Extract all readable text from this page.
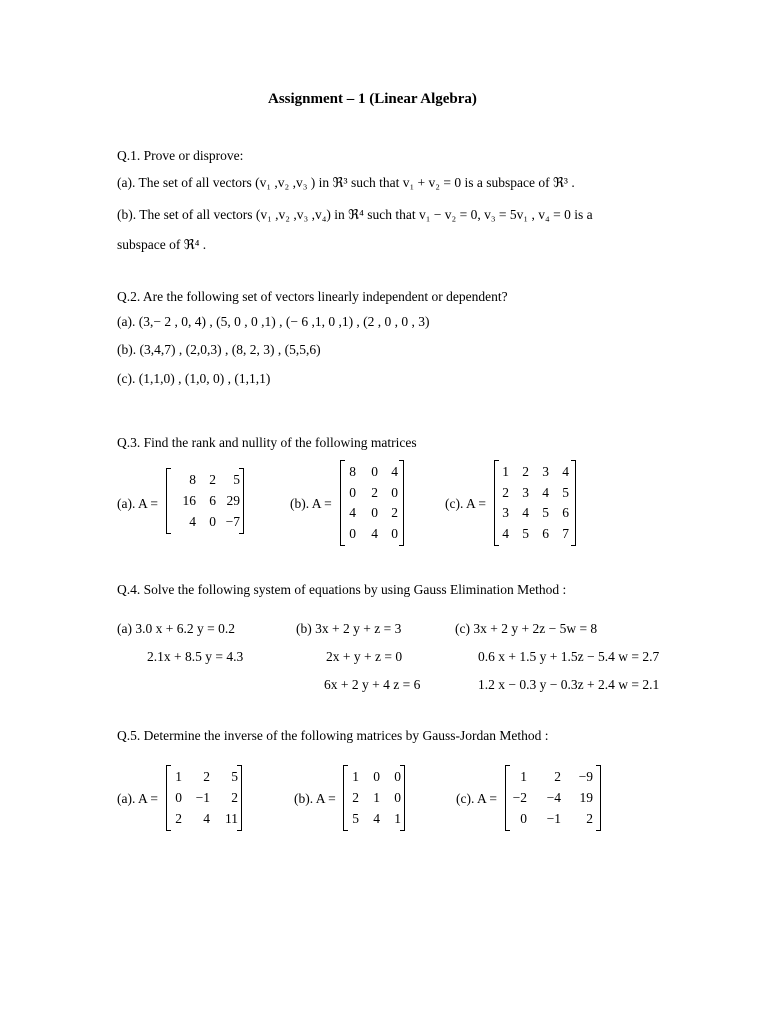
Assignment – 1 (Linear Algebra)
Q.1. Prove or disprove:
(a). The set of all vectors (v₁ ,v₂ ,v₃ ) in ℜ³ such that v₁ + v₂ = 0 is a subspace of ℜ³ .
(b). The set of all vectors (v₁ ,v₂ ,v₃ ,v₄) in ℜ⁴ such that v₁ − v₂ = 0, v₃ = 5v₁ , v₄ = 0 is a
subspace of ℜ⁴ .
Q.2. Are the following set of vectors linearly independent or dependent?
(a). (3,− 2 , 0, 4) , (5, 0 , 0 ,1) , (− 6 ,1, 0 ,1) , (2 , 0 , 0 , 3)
(b). (3,4,7) , (2,0,3) , (8, 2, 3) , (5,5,6)
(c). (1,1,0) , (1,0, 0) , (1,1,1)
Q.3. Find the rank and nullity of the following matrices
(a). A =
8 2 5
16 6 29
4 0 −7
(b). A =
8 0 4
0 2 0
4 0 2
0 4 0
(c). A =
1 2 3 4
2 3 4 5
3 4 5 6
4 5 6 7
Q.4. Solve the following system of equations by using Gauss Elimination Method :
(a) 3.0 x + 6.2 y = 0.2
2.1x + 8.5 y = 4.3
(b) 3x + 2 y + z = 3
2x + y + z = 0
6x + 2 y + 4 z = 6
(c) 3x + 2 y + 2z − 5w = 8
0.6 x + 1.5 y + 1.5z − 5.4 w = 2.7
1.2 x − 0.3 y − 0.3z + 2.4 w = 2.1
Q.5. Determine the inverse of the following matrices by Gauss-Jordan Method :
(a). A =
1 2 5
0 −1 2
2 4 11
(b). A =
1 0 0
2 1 0
5 4 1
(c). A =
1 2 −9
−2 −4 19
0 −1 2
